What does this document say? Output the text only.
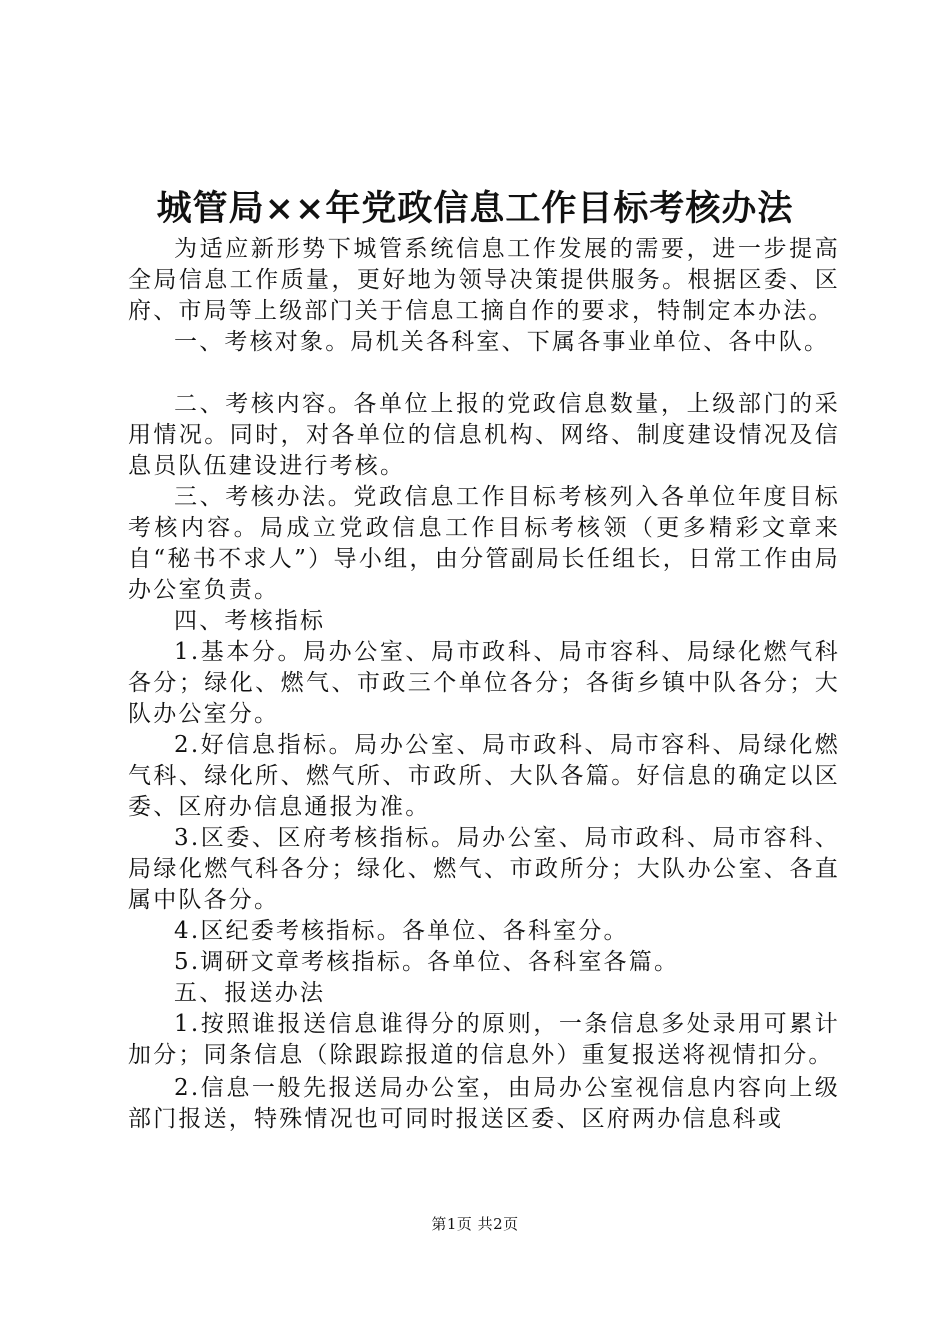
城管局××年党政信息工作目标考核办法

为适应新形势下城管系统信息工作发展的需要，进一步提高全局信息工作质量，更好地为领导决策提供服务。根据区委、区府、市局等上级部门关于信息工摘自作的要求，特制定本办法。

一、考核对象。局机关各科室、下属各事业单位、各中队。

二、考核内容。各单位上报的党政信息数量，上级部门的采用情况。同时，对各单位的信息机构、网络、制度建设情况及信息员队伍建设进行考核。

三、考核办法。党政信息工作目标考核列入各单位年度目标考核内容。局成立党政信息工作目标考核领（更多精彩文章来自“秘书不求人”）导小组，由分管副局长任组长，日常工作由局办公室负责。

四、考核指标

1.基本分。局办公室、局市政科、局市容科、局绿化燃气科各分；绿化、燃气、市政三个单位各分；各街乡镇中队各分；大队办公室分。

2.好信息指标。局办公室、局市政科、局市容科、局绿化燃气科、绿化所、燃气所、市政所、大队各篇。好信息的确定以区委、区府办信息通报为准。

3.区委、区府考核指标。局办公室、局市政科、局市容科、局绿化燃气科各分；绿化、燃气、市政所分；大队办公室、各直属中队各分。

4.区纪委考核指标。各单位、各科室分。

5.调研文章考核指标。各单位、各科室各篇。

五、报送办法

1.按照谁报送信息谁得分的原则，一条信息多处录用可累计加分；同条信息（除跟踪报道的信息外）重复报送将视情扣分。

2.信息一般先报送局办公室，由局办公室视信息内容向上级部门报送，特殊情况也可同时报送区委、区府两办信息科或

第1页 共2页
